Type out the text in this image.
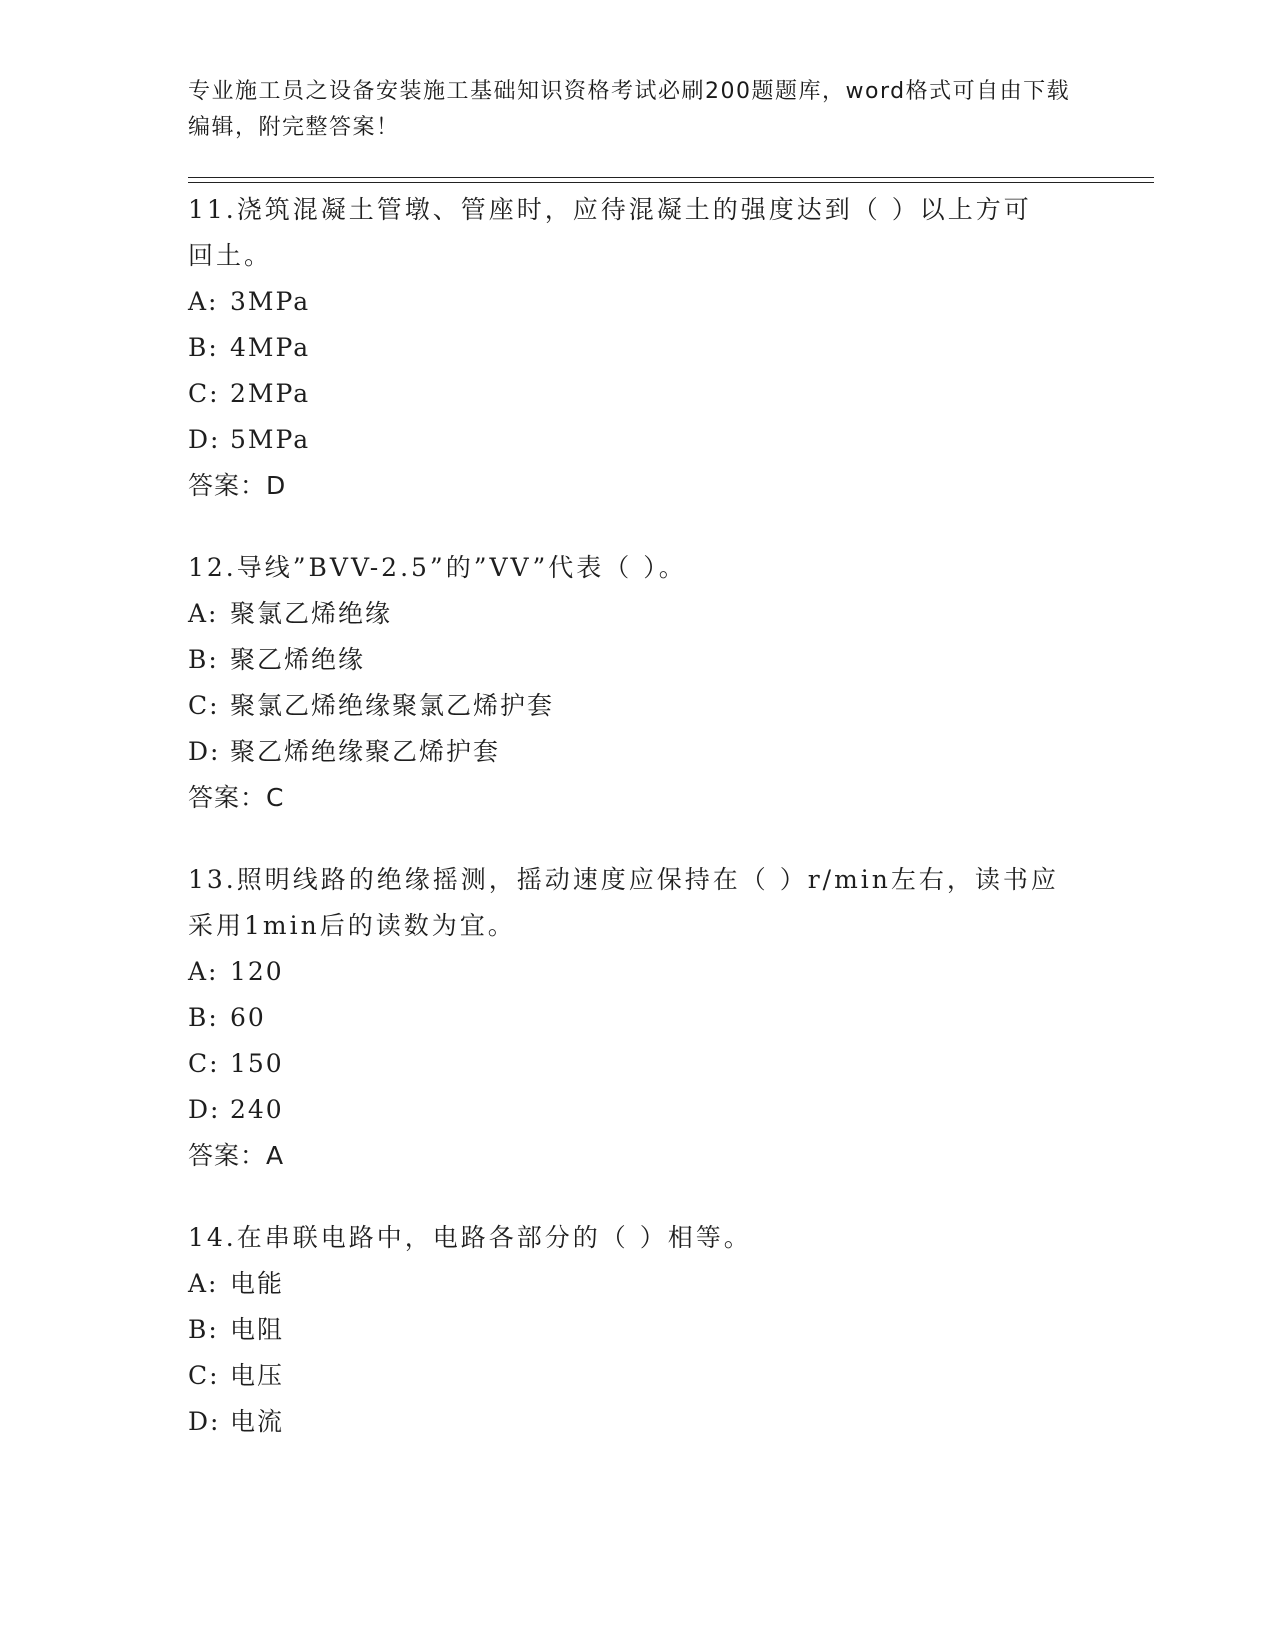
专业施工员之设备安装施工基础知识资格考试必刷200题题库，word格式可自由下载编辑，附完整答案！
11.浇筑混凝土管墩、管座时，应待混凝土的强度达到（ ）以上方可回土。
A: 3MPa
B: 4MPa
C: 2MPa
D: 5MPa
答案：D
12.导线”BVV-2.5”的”VV”代表（ ）。
A: 聚氯乙烯绝缘
B: 聚乙烯绝缘
C: 聚氯乙烯绝缘聚氯乙烯护套
D: 聚乙烯绝缘聚乙烯护套
答案：C
13.照明线路的绝缘摇测，摇动速度应保持在（ ）r/min左右，读书应采用1min后的读数为宜。
A: 120
B: 60
C: 150
D: 240
答案：A
14.在串联电路中，电路各部分的（ ）相等。
A: 电能
B: 电阻
C: 电压
D: 电流
